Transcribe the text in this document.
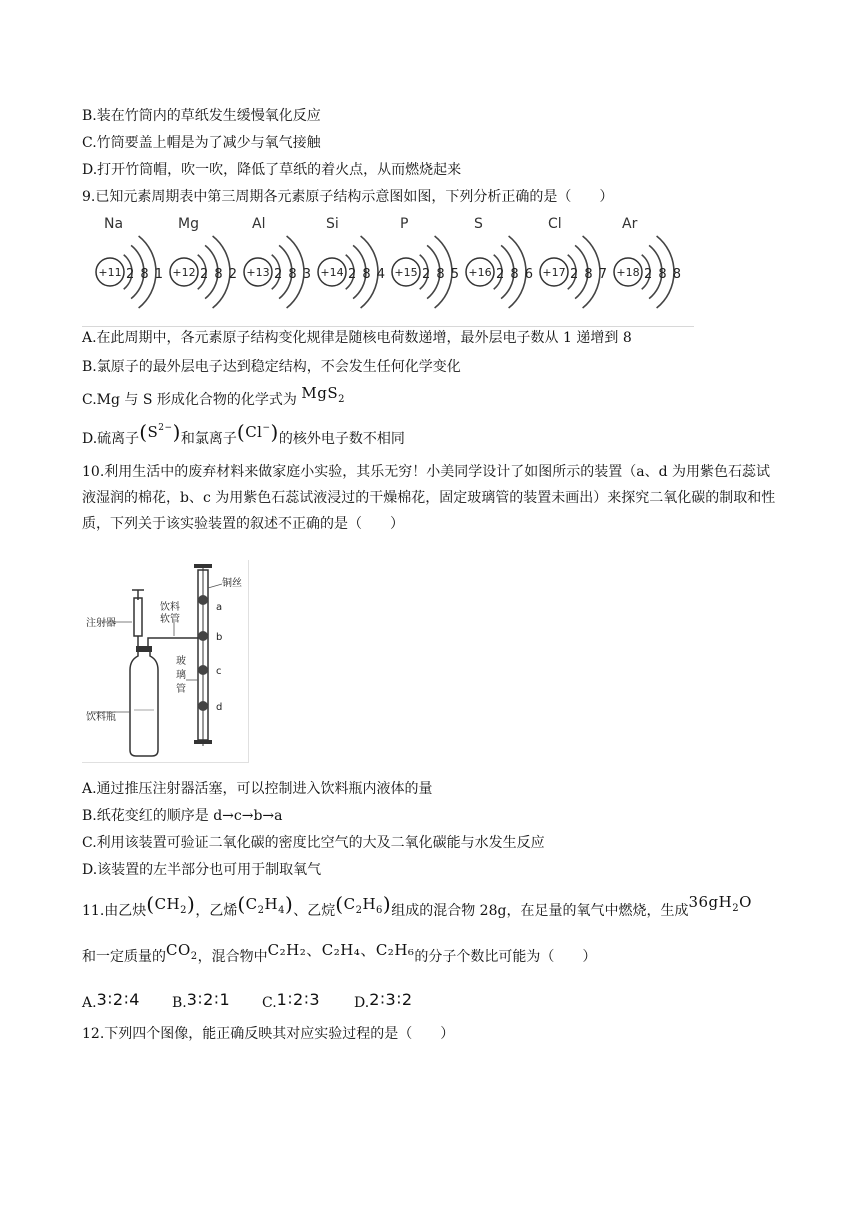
B.装在竹筒内的草纸发生缓慢氧化反应
C.竹筒要盖上帽是为了减少与氧气接触
D.打开竹筒帽，吹一吹，降低了草纸的着火点，从而燃烧起来
9.已知元素周期表中第三周期各元素原子结构示意图如图，下列分析正确的是（　　）
Na
+11 2 8 1
Mg
+12 2 8 2
Al
+13 2 8 3
Si
+14 2 8 4
P
+15 2 8 5
S
+16 2 8 6
Cl
+17 2 8 7
Ar
+18 2 8 8
A.在此周期中，各元素原子结构变化规律是随核电荷数递增，最外层电子数从 1 递增到 8
B.氯原子的最外层电子达到稳定结构，不会发生任何化学变化
C.Mg 与 S 形成化合物的化学式为 MgS$_2$
D.硫离子$(S^{2-})$和氯离子(Cl−)的核外电子数不相同
10.利用生活中的废弃材料来做家庭小实验，其乐无穷！小美同学设计了如图所示的装置（a、d 为用紫色石蕊试液湿润的棉花，b、c 为用紫色石蕊试液浸过的干燥棉花，固定玻璃管的装置未画出）来探究二氧化碳的制取和性质，下列关于该实验装置的叙述不正确的是（　　）
注射器
饮料
软管
铜丝
玻
璃
管
饮料瓶
a
b
c
d
A.通过推压注射器活塞，可以控制进入饮料瓶内液体的量
B.纸花变红的顺序是 d→c→b→a
C.利用该装置可验证二氧化碳的密度比空气的大及二氧化碳能与水发生反应
D.该装置的左半部分也可用于制取氧气
11.由乙炔$(CH_2)$，乙烯$(C_2H_4)$、乙烷$(C_2H_6)$组成的混合物 28g，在足量的氧气中燃烧，生成$36gH_2O$
和一定质量的$CO_2$，混合物中C₂H₂、C₂H₄、C₂H₆的分子个数比可能为（　　）
A.3∶2∶4 B.3∶2∶1 C.1∶2∶3 D.2∶3∶2
12.下列四个图像，能正确反映其对应实验过程的是（　　）
